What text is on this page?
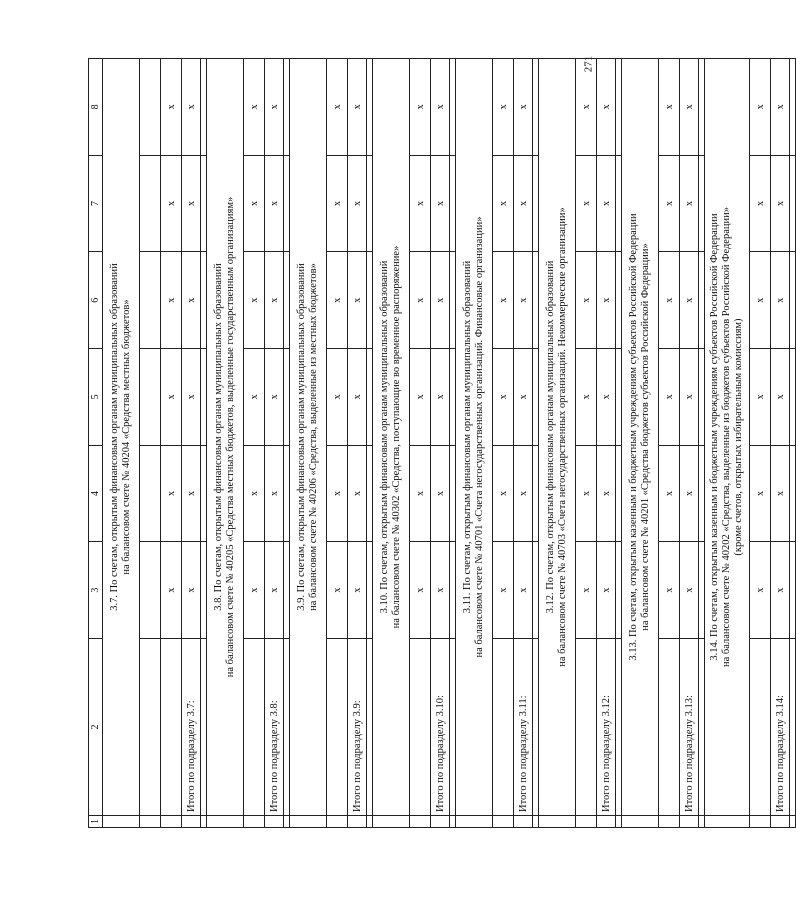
271
1	2	3	4	5	6	7	8

	3.7. По счетам, открытым финансовым органам муниципальных образований на балансовом счете № 40204 «Средства местных бюджетов»						

		х	х	х	х	х	х
	Итого по подразделу 3.7:	х	х	х	х	х	х

	3.8. По счетам, открытым финансовым органам муниципальных образований на балансовом счете № 40205 «Средства местных бюджетов, выделенные государственным организациям»						

		х	х	х	х	х	х
	Итого по подразделу 3.8:	х	х	х	х	х	х

	3.9. По счетам, открытым финансовым органам муниципальных образований на балансовом счете № 40206 «Средства, выделенные из местных бюджетов»						

		х	х	х	х	х	х
	Итого по подразделу 3.9:	х	х	х	х	х	х

	3.10. По счетам, открытым финансовым органам муниципальных образований на балансовом счете № 40302 «Средства, поступающие во временное распоряжение»						

		х	х	х	х	х	х
	Итого по подразделу 3.10:	х	х	х	х	х	х

	3.11. По счетам, открытым финансовым органам муниципальных образований на балансовом счете № 40701 «Счета негосударственных организаций. Финансовые организации»						

		х	х	х	х	х	х
	Итого по подразделу 3.11:	х	х	х	х	х	х

	3.12. По счетам, открытым финансовым органам муниципальных образований на балансовом счете № 40703 «Счета негосударственных организаций. Некоммерческие организации»						

		х	х	х	х	х	х
	Итого по подразделу 3.12:	х	х	х	х	х	х

	3.13. По счетам, открытым казенным и бюджетным учреждениям субъектов Российской Федерации на балансовом счете № 40201 «Средства бюджетов субъектов Российской Федерации»						

		х	х	х	х	х	х
	Итого по подразделу 3.13:	х	х	х	х	х	х

	3.14. По счетам, открытым казенным и бюджетным учреждениям субъектов Российской Федерации на балансовом счете № 40202 «Средства, выделенные из бюджетов субъектов Российской Федерации» (кроме счетов, открытых избирательным комиссиям)						

		х	х	х	х	х	х
	Итого по подразделу 3.14:	х	х	х	х	х	х
